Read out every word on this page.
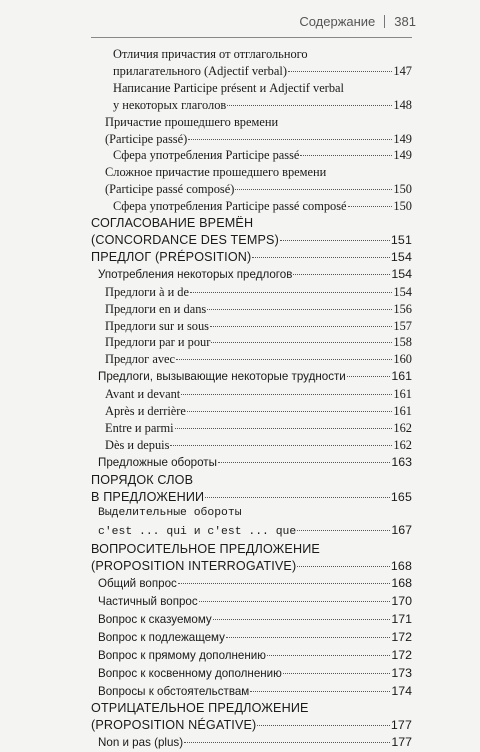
Содержание 381
Отличия причастия от отглагольного
прилагательного (Adjectif verbal)	147
Написание Participe présent и Adjectif verbal
у некоторых глаголов	148
Причастие прошедшего времени
(Participe passé)	149
Сфера употребления Participe passé	149
Сложное причастие прошедшего времени
(Participe passé composé)	150
Сфера употребления Participe passé composé	150
СОГЛАСОВАНИЕ ВРЕМЁН
(CONCORDANCE DES TEMPS)	151
ПРЕДЛОГ (PRÉPOSITION)	154
Употребления некоторых предлогов	154
Предлоги à и de	154
Предлоги en и dans	156
Предлоги sur и sous	157
Предлоги par и pour	158
Предлог avec	160
Предлоги, вызывающие некоторые трудности	161
Avant и devant	161
Après и derrière	161
Entre и parmi	162
Dès и depuis	162
Предложные обороты	163
ПОРЯДОК СЛОВ
В ПРЕДЛОЖЕНИИ	165
Выделительные обороты
c'est ... qui и c'est ... que	167
ВОПРОСИТЕЛЬНОЕ ПРЕДЛОЖЕНИЕ
(PROPOSITION INTERROGATIVE)	168
Общий вопрос	168
Частичный вопрос	170
Вопрос к сказуемому	171
Вопрос к подлежащему	172
Вопрос к прямому дополнению	172
Вопрос к косвенному дополнению	173
Вопросы к обстоятельствам	174
ОТРИЦАТЕЛЬНОЕ ПРЕДЛОЖЕНИЕ
(PROPOSITION NÉGATIVE)	177
Non и pas (plus)	177
